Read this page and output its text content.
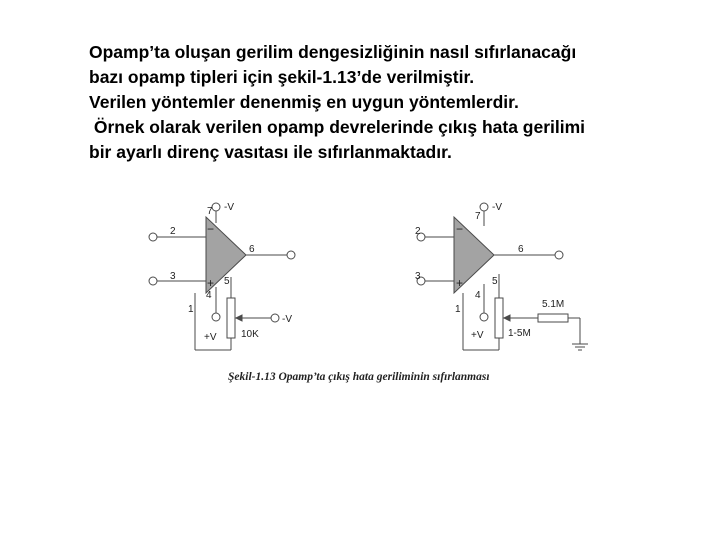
Opamp’ta oluşan gerilim dengesizliğinin nasıl sıfırlanacağı
bazı opamp tipleri için şekil-1.13’de verilmiştir.
Verilen yöntemler denenmiş en uygun yöntemlerdir.
Örnek olarak verilen opamp devrelerinde çıkış hata gerilimi
bir ayarlı direnç vasıtası ile sıfırlanmaktadır.
2
3
−
+
7 -V
6
4
5
1
+V 10K
-V
2
3
−
+
7
-V
6
4
5
1
+V
5.1M
1-5M
Şekil-1.13 Opamp’ta çıkış hata geriliminin sıfırlanması
